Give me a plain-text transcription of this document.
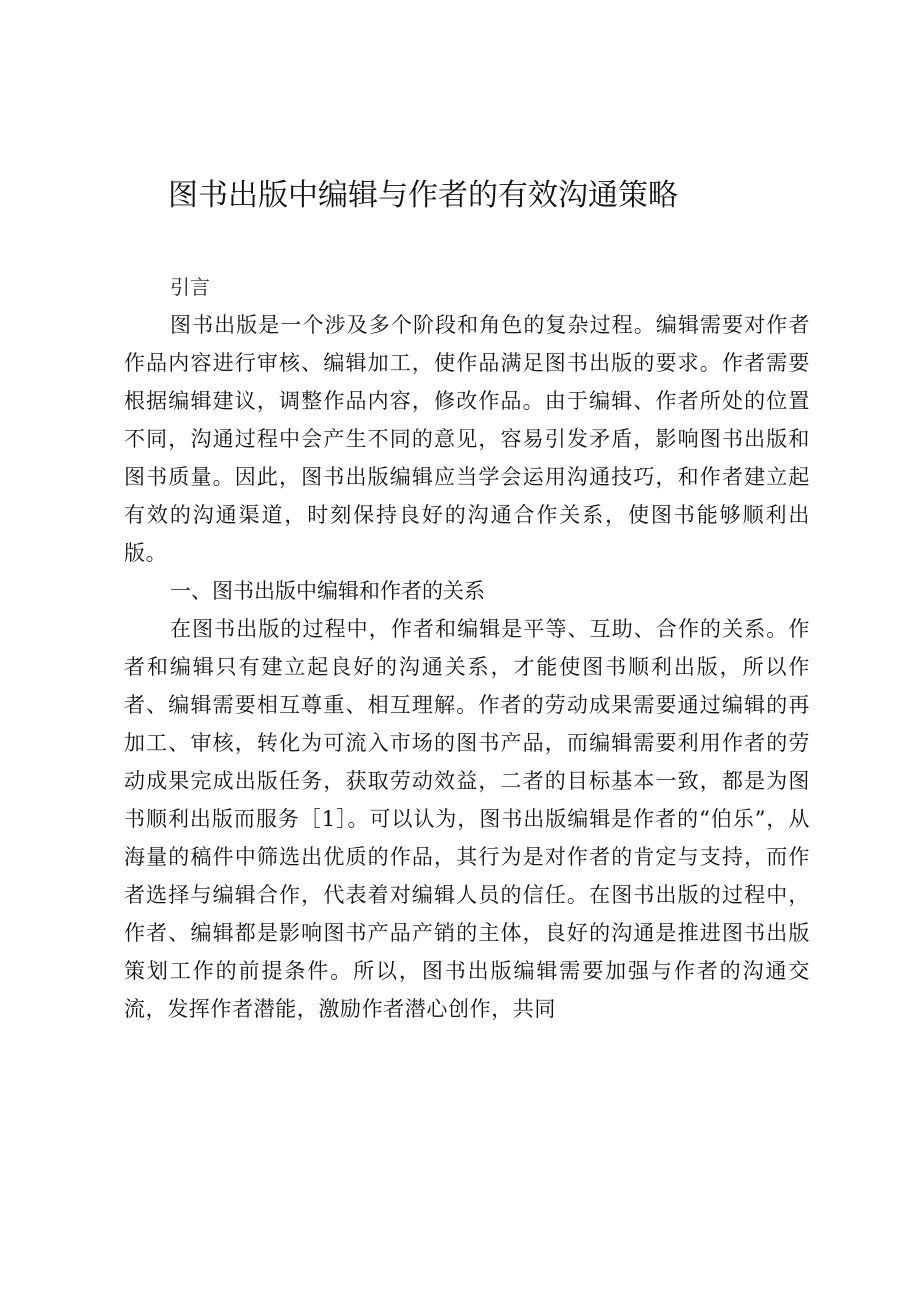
图书出版中编辑与作者的有效沟通策略

引言

图书出版是一个涉及多个阶段和角色的复杂过程。编辑需要对作者作品内容进行审核、编辑加工，使作品满足图书出版的要求。作者需要根据编辑建议，调整作品内容，修改作品。由于编辑、作者所处的位置不同，沟通过程中会产生不同的意见，容易引发矛盾，影响图书出版和图书质量。因此，图书出版编辑应当学会运用沟通技巧，和作者建立起有效的沟通渠道，时刻保持良好的沟通合作关系，使图书能够顺利出版。

一、图书出版中编辑和作者的关系

在图书出版的过程中，作者和编辑是平等、互助、合作的关系。作者和编辑只有建立起良好的沟通关系，才能使图书顺利出版，所以作者、编辑需要相互尊重、相互理解。作者的劳动成果需要通过编辑的再加工、审核，转化为可流入市场的图书产品，而编辑需要利用作者的劳动成果完成出版任务，获取劳动效益，二者的目标基本一致，都是为图书顺利出版而服务［1］。可以认为，图书出版编辑是作者的“伯乐”，从海量的稿件中筛选出优质的作品，其行为是对作者的肯定与支持，而作者选择与编辑合作，代表着对编辑人员的信任。在图书出版的过程中，作者、编辑都是影响图书产品产销的主体，良好的沟通是推进图书出版策划工作的前提条件。所以，图书出版编辑需要加强与作者的沟通交流，发挥作者潜能，激励作者潜心创作，共同
